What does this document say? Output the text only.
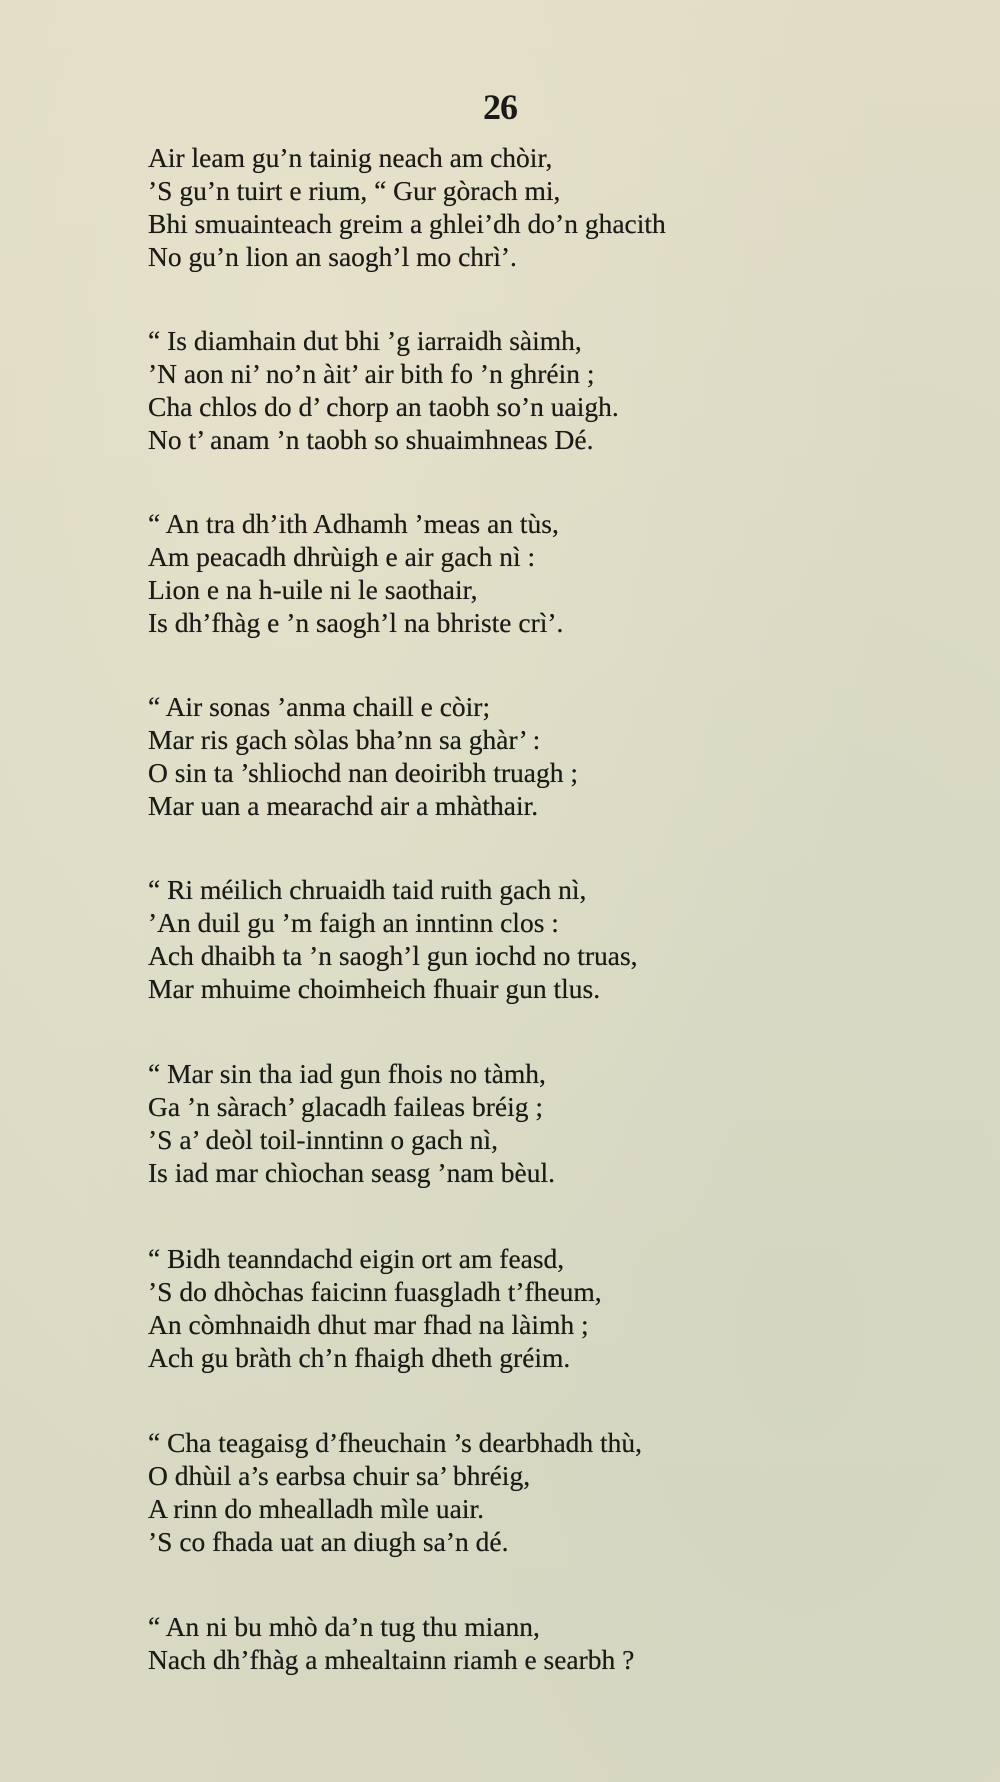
26
Air leam gu’n tainig neach am chòir,
’S gu’n tuirt e rium, “ Gur gòrach mi,
Bhi smuainteach greim a ghlei’dh do’n ghacith
No gu’n lion an saogh’l mo chrì’.
“ Is diamhain dut bhi ’g iarraidh sàimh,
’N aon ni’ no’n àit’ air bith fo ’n ghréin ;
Cha chlos do d’ chorp an taobh so’n uaigh.
No t’ anam ’n taobh so shuaimhneas Dé.
“ An tra dh’ith Adhamh ’meas an tùs,
Am peacadh dhrùigh e air gach nì :
Lion e na h-uile ni le saothair,
Is dh’fhàg e ’n saogh’l na bhriste crì’.
“ Air sonas ’anma chaill e còir;
Mar ris gach sòlas bha’nn sa ghàr’ :
O sin ta ’shliochd nan deoiribh truagh ;
Mar uan a mearachd air a mhàthair.
“ Ri méilich chruaidh taid ruith gach nì,
’An duil gu ’m faigh an inntinn clos :
Ach dhaibh ta ’n saogh’l gun iochd no truas,
Mar mhuime choimheich fhuair gun tlus.
“ Mar sin tha iad gun fhois no tàmh,
Ga ’n sàrach’ glacadh faileas bréig ;
’S a’ deòl toil-inntinn o gach nì,
Is iad mar chìochan seasg ’nam bèul.
“ Bidh teanndachd eigin ort am feasd,
’S do dhòchas faicinn fuasgladh t’fheum,
An còmhnaidh dhut mar fhad na làimh ;
Ach gu bràth ch’n fhaigh dheth gréim.
“ Cha teagaisg d’fheuchain ’s dearbhadh thù,
O dhùil a’s earbsa chuir sa’ bhréig,
A rinn do mhealladh mìle uair.
’S co fhada uat an diugh sa’n dé.
“ An ni bu mhò da’n tug thu miann,
Nach dh’fhàg a mhealtainn riamh e searbh ?
